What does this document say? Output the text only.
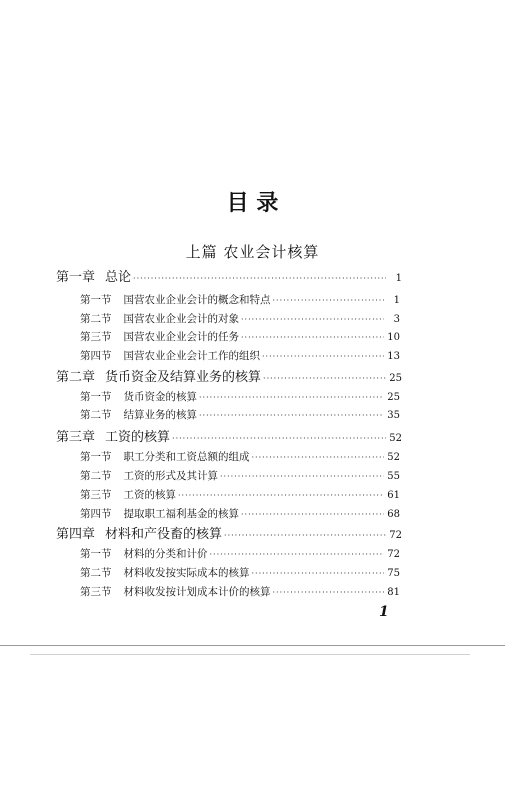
目 录
上篇 农业会计核算
第一章 总论 ·····	1
第一节 国营农业企业会计的概念和特点 ·····	1
第二节 国营农业企业会计的对象 ·····	3
第三节 国营农业企业会计的任务 ·····	10
第四节 国营农业企业会计工作的组织 ·····	13
第二章 货币资金及结算业务的核算 ·····	25
第一节 货币资金的核算 ·····	25
第二节 结算业务的核算 ·····	35
第三章 工资的核算 ·····	52
第一节 职工分类和工资总额的组成 ·····	52
第二节 工资的形式及其计算 ·····	55
第三节 工资的核算 ·····	61
第四节 提取职工福利基金的核算 ·····	68
第四章 材料和产役畜的核算 ·····	72
第一节 材料的分类和计价 ·····	72
第二节 材料收发按实际成本的核算 ·····	75
第三节 材料收发按计划成本计价的核算 ·····	81
1
